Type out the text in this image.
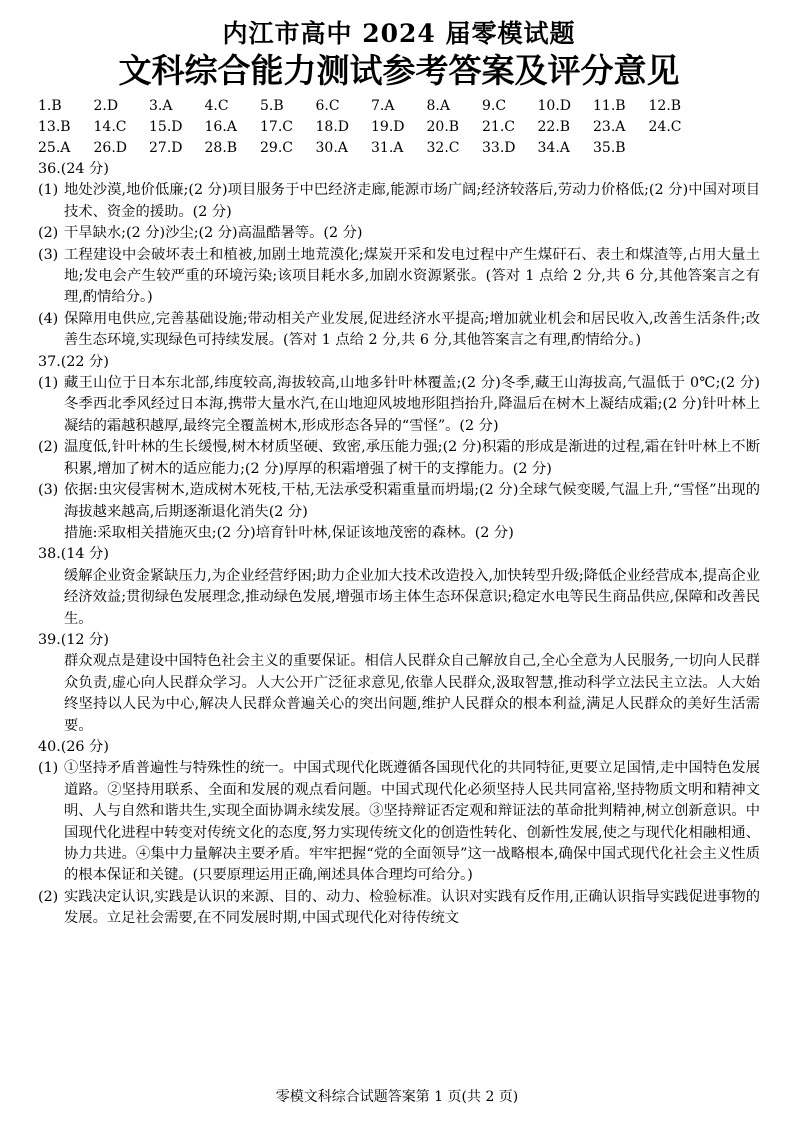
内江市高中 2024 届零模试题
文科综合能力测试参考答案及评分意见
1.B	2.D	3.A	4.C	5.B	6.C	7.A	8.A	9.C	10.D	11.B	12.B
13.B	14.C	15.D	16.A	17.C	18.D	19.D	20.B	21.C	22.B	23.A	24.C
25.A	26.D	27.D	28.B	29.C	30.A	31.A	32.C	33.D	34.A	35.B
36.(24 分)
(1) 地处沙漠,地价低廉;(2 分)项目服务于中巴经济走廊,能源市场广阔;经济较落后,劳动力价格低;(2 分)中国对项目技术、资金的援助。(2 分)
(2) 干旱缺水;(2 分)沙尘;(2 分)高温酷暑等。(2 分)
(3) 工程建设中会破坏表土和植被,加剧土地荒漠化;煤炭开采和发电过程中产生煤矸石、表土和煤渣等,占用大量土地;发电会产生较严重的环境污染;该项目耗水多,加剧水资源紧张。(答对 1 点给 2 分,共 6 分,其他答案言之有理,酌情给分。)
(4) 保障用电供应,完善基础设施;带动相关产业发展,促进经济水平提高;增加就业机会和居民收入,改善生活条件;改善生态环境,实现绿色可持续发展。(答对 1 点给 2 分,共 6 分,其他答案言之有理,酌情给分。)
37.(22 分)
(1) 藏王山位于日本东北部,纬度较高,海拔较高,山地多针叶林覆盖;(2 分)冬季,藏王山海拔高,气温低于 0℃;(2 分)冬季西北季风经过日本海,携带大量水汽,在山地迎风坡地形阻挡抬升,降温后在树木上凝结成霜;(2 分)针叶林上凝结的霜越积越厚,最终完全覆盖树木,形成形态各异的“雪怪”。(2 分)
(2) 温度低,针叶林的生长缓慢,树木材质坚硬、致密,承压能力强;(2 分)积霜的形成是渐进的过程,霜在针叶林上不断积累,增加了树木的适应能力;(2 分)厚厚的积霜增强了树干的支撑能力。(2 分)
(3) 依据:虫灾侵害树木,造成树木死枝,干枯,无法承受积霜重量而坍塌;(2 分)全球气候变暖,气温上升,“雪怪”出现的海拔越来越高,后期逐渐退化消失(2 分)
措施:采取相关措施灭虫;(2 分)培育针叶林,保证该地茂密的森林。(2 分)
38.(14 分)
缓解企业资金紧缺压力,为企业经营纾困;助力企业加大技术改造投入,加快转型升级;降低企业经营成本,提高企业经济效益;贯彻绿色发展理念,推动绿色发展,增强市场主体生态环保意识;稳定水电等民生商品供应,保障和改善民生。
39.(12 分)
群众观点是建设中国特色社会主义的重要保证。相信人民群众自己解放自己,全心全意为人民服务,一切向人民群众负责,虚心向人民群众学习。人大公开广泛征求意见,依靠人民群众,汲取智慧,推动科学立法民主立法。人大始终坚持以人民为中心,解决人民群众普遍关心的突出问题,维护人民群众的根本利益,满足人民群众的美好生活需要。
40.(26 分)
(1) ①坚持矛盾普遍性与特殊性的统一。中国式现代化既遵循各国现代化的共同特征,更要立足国情,走中国特色发展道路。②坚持用联系、全面和发展的观点看问题。中国式现代化必须坚持人民共同富裕,坚持物质文明和精神文明、人与自然和谐共生,实现全面协调永续发展。③坚持辩证否定观和辩证法的革命批判精神,树立创新意识。中国现代化进程中转变对传统文化的态度,努力实现传统文化的创造性转化、创新性发展,使之与现代化相融相通、协力共进。④集中力量解决主要矛盾。牢牢把握“党的全面领导”这一战略根本,确保中国式现代化社会主义性质的根本保证和关键。(只要原理运用正确,阐述具体合理均可给分。)
(2) 实践决定认识,实践是认识的来源、目的、动力、检验标准。认识对实践有反作用,正确认识指导实践促进事物的发展。立足社会需要,在不同发展时期,中国式现代化对待传统文
零模文科综合试题答案第 1 页(共 2 页)
